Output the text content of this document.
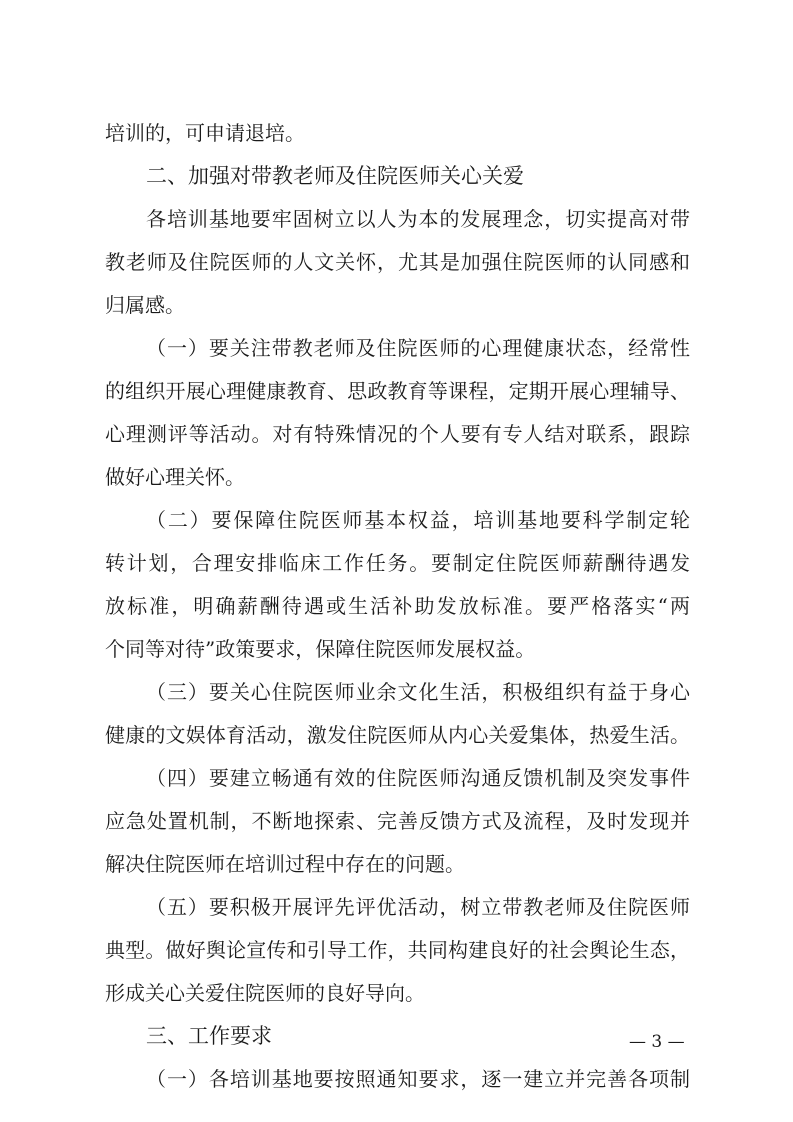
培训的，可申请退培。
二、加强对带教老师及住院医师关心关爱
各培训基地要牢固树立以人为本的发展理念，切实提高对带
教老师及住院医师的人文关怀，尤其是加强住院医师的认同感和
归属感。
（一）要关注带教老师及住院医师的心理健康状态，经常性
的组织开展心理健康教育、思政教育等课程，定期开展心理辅导、
心理测评等活动。对有特殊情况的个人要有专人结对联系，跟踪
做好心理关怀。
（二）要保障住院医师基本权益，培训基地要科学制定轮
转计划，合理安排临床工作任务。要制定住院医师薪酬待遇发
放标准，明确薪酬待遇或生活补助发放标准。要严格落实“两
个同等对待”政策要求，保障住院医师发展权益。
（三）要关心住院医师业余文化生活，积极组织有益于身心
健康的文娱体育活动，激发住院医师从内心关爱集体，热爱生活。
（四）要建立畅通有效的住院医师沟通反馈机制及突发事件
应急处置机制，不断地探索、完善反馈方式及流程，及时发现并
解决住院医师在培训过程中存在的问题。
（五）要积极开展评先评优活动，树立带教老师及住院医师
典型。做好舆论宣传和引导工作，共同构建良好的社会舆论生态，
形成关心关爱住院医师的良好导向。
三、工作要求
（一）各培训基地要按照通知要求，逐一建立并完善各项制
— 3 —
